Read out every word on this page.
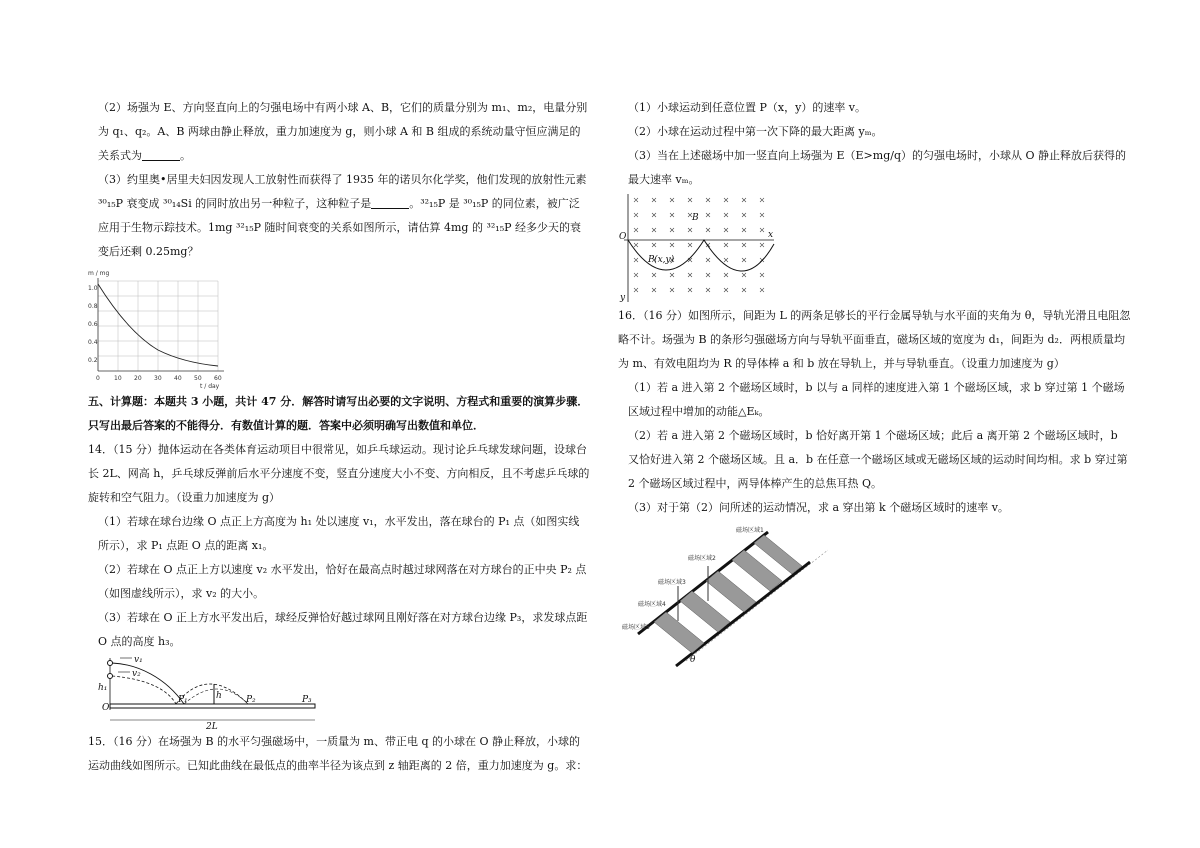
（2）场强为 E、方向竖直向上的匀强电场中有两小球 A、B，它们的质量分别为 m₁、m₂，电量分别为 q₁、q₂。A、B 两球由静止释放，重力加速度为 g，则小球 A 和 B 组成的系统动量守恒应满足的关系式为	。

（3）约里奥•居里夫妇因发现人工放射性而获得了 1935 年的诺贝尔化学奖，他们发现的放射性元素 ³⁰₁₅P 衰变成 ³⁰₁₄Si 的同时放出另一种粒子，这种粒子是	。³²₁₅P 是 ³⁰₁₅P 的同位素，被广泛应用于生物示踪技术。1mg ³²₁₅P 随时间衰变的关系如图所示，请估算 4mg 的 ³²₁₅P 经多少天的衰变后还剩 0.25mg？

m / mg
1.0
0.8
0.6
0.4
0.2
0 10 20 30 40 50 60
t / day

五、计算题：本题共 3 小题，共计 47 分．解答时请写出必要的文字说明、方程式和重要的演算步骤．只写出最后答案的不能得分．有数值计算的题．答案中必须明确写出数值和单位．

14．（15 分）抛体运动在各类体育运动项目中很常见，如乒乓球运动。现讨论乒乓球发球问题，设球台长 2L、网高 h，乒乓球反弹前后水平分速度不变，竖直分速度大小不变、方向相反，且不考虑乒乓球的旋转和空气阻力。（设重力加速度为 g）

（1）若球在球台边缘 O 点正上方高度为 h₁ 处以速度 v₁，水平发出，落在球台的 P₁ 点（如图实线所示），求 P₁ 点距 O 点的距离 x₁。

（2）若球在 O 点正上方以速度 v₂ 水平发出，恰好在最高点时越过球网落在对方球台的正中央 P₂ 点（如图虚线所示），求 v₂ 的大小。

（3）若球在 O 正上方水平发出后，球经反弹恰好越过球网且刚好落在对方球台边缘 P₃，求发球点距 O 点的高度 h₃。

O
h₁
h
P₁	P₂	P₃
2L
v₁
v₂

15．（16 分）在场强为 B 的水平匀强磁场中，一质量为 m、带正电 q 的小球在 O 静止释放，小球的运动曲线如图所示。已知此曲线在最低点的曲率半径为该点到 z 轴距离的 2 倍，重力加速度为 g。求：

（1）小球运动到任意位置 P（x，y）的速率 v。

（2）小球在运动过程中第一次下降的最大距离 yₘ。

（3）当在上述磁场中加一竖直向上场强为 E（E>mg/q）的匀强电场时，小球从 O 静止释放后获得的最大速率 vₘ。

O
B
P(x,y)
x
y

16．（16 分）如图所示，间距为 L 的两条足够长的平行金属导轨与水平面的夹角为 θ，导轨光滑且电阻忽略不计。场强为 B 的条形匀强磁场方向与导轨平面垂直，磁场区域的宽度为 d₁，间距为 d₂．两根质量均为 m、有效电阻均为 R 的导体棒 a 和 b 放在导轨上，并与导轨垂直。（设重力加速度为 g）

（1）若 a 进入第 2 个磁场区域时，b 以与 a 同样的速度进入第 1 个磁场区域，求 b 穿过第 1 个磁场区域过程中增加的动能△Eₖ。

（2）若 a 进入第 2 个磁场区域时，b 恰好离开第 1 个磁场区域；此后 a 离开第 2 个磁场区域时，b 又恰好进入第 2 个磁场区域。且 a．b 在任意一个磁场区域或无磁场区域的运动时间均相。求 b 穿过第 2 个磁场区域过程中，两导体棒产生的总焦耳热 Q。

（3）对于第（2）问所述的运动情况，求 a 穿出第 k 个磁场区域时的速率 v。

磁场区域1
磁场区域2
磁场区域3
磁场区域4
磁场区域5
θ
